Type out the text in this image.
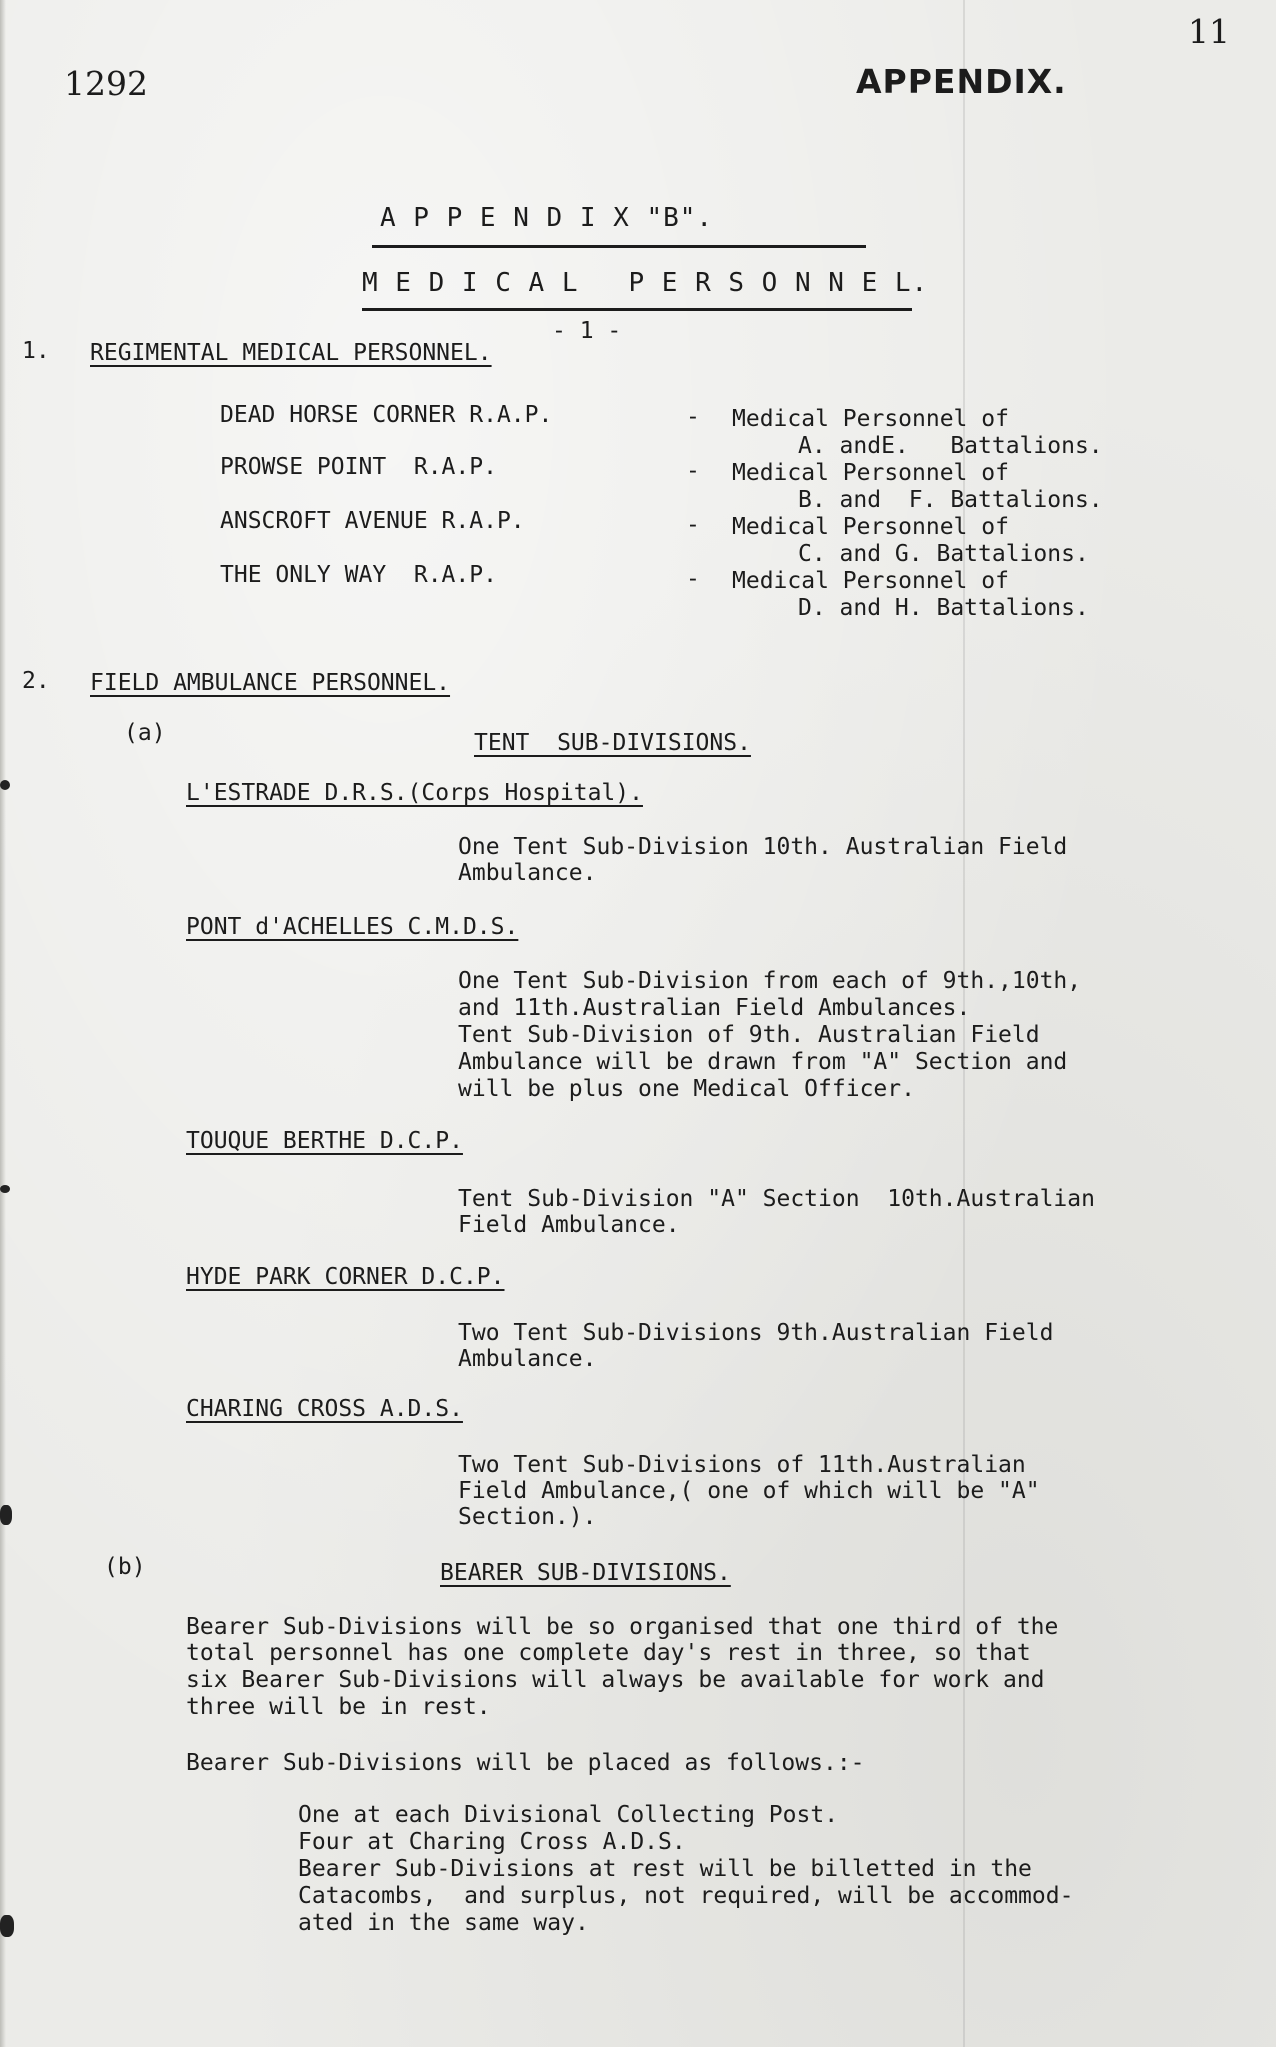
1292
11
APPENDIX.
A P P E N D I X "B".
M E D I C A L   P E R S O N N E L.
- 1 -
1. REGIMENTAL MEDICAL PERSONNEL.
DEAD HORSE CORNER R.A.P.	- Medical Personnel of
A. andE.   Battalions.
PROWSE POINT  R.A.P.	- Medical Personnel of
B. and  F. Battalions.
ANSCROFT AVENUE R.A.P.	- Medical Personnel of
C. and G. Battalions.
THE ONLY WAY  R.A.P.	- Medical Personnel of
D. and H. Battalions.
2. FIELD AMBULANCE PERSONNEL.
(a)	TENT  SUB-DIVISIONS.
L'ESTRADE D.R.S.(Corps Hospital).
One Tent Sub-Division 10th. Australian Field
Ambulance.
PONT d'ACHELLES C.M.D.S.
One Tent Sub-Division from each of 9th.,10th,
and 11th.Australian Field Ambulances.
Tent Sub-Division of 9th. Australian Field
Ambulance will be drawn from "A" Section and
will be plus one Medical Officer.
TOUQUE BERTHE D.C.P.
Tent Sub-Division "A" Section  10th.Australian
Field Ambulance.
HYDE PARK CORNER D.C.P.
Two Tent Sub-Divisions 9th.Australian Field
Ambulance.
CHARING CROSS A.D.S.
Two Tent Sub-Divisions of 11th.Australian
Field Ambulance,( one of which will be "A"
Section.).
(b)	BEARER SUB-DIVISIONS.
Bearer Sub-Divisions will be so organised that one third of the
total personnel has one complete day's rest in three, so that
six Bearer Sub-Divisions will always be available for work and
three will be in rest.
Bearer Sub-Divisions will be placed as follows.:-
One at each Divisional Collecting Post.
Four at Charing Cross A.D.S.
Bearer Sub-Divisions at rest will be billetted in the
Catacombs,  and surplus, not required, will be accommod-
ated in the same way.
